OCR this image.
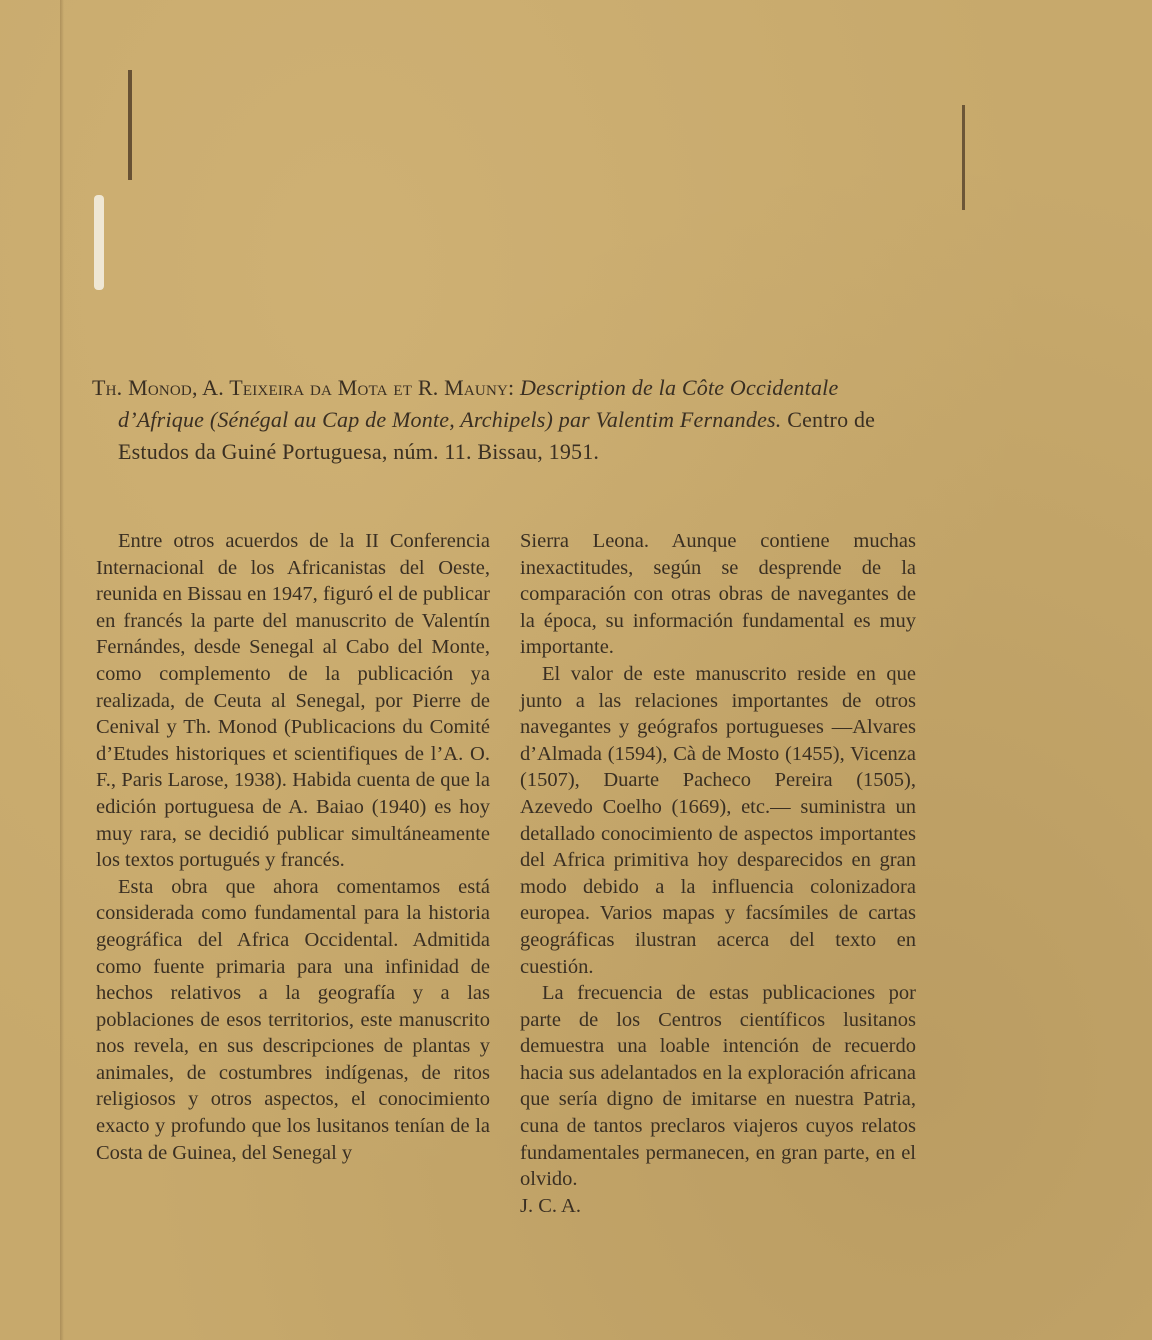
Th. Monod, A. Teixeira da Mota et R. Mauny: Description de la Côte Occidentale d’Afrique (Sénégal au Cap de Monte, Archipels) par Valentim Fernandes. Centro de Estudos da Guiné Portuguesa, núm. 11. Bissau, 1951.

Entre otros acuerdos de la II Conferencia Internacional de los Africanistas del Oeste, reunida en Bissau en 1947, figuró el de publicar en francés la parte del manuscrito de Valentín Fernándes, desde Senegal al Cabo del Monte, como complemento de la publicación ya realizada, de Ceuta al Senegal, por Pierre de Cenival y Th. Monod (Publicacions du Comité d’Etudes historiques et scientifiques de l’A. O. F., Paris Larose, 1938). Habida cuenta de que la edición portuguesa de A. Baiao (1940) es hoy muy rara, se decidió publicar simultáneamente los textos portugués y francés.

Esta obra que ahora comentamos está considerada como fundamental para la historia geográfica del Africa Occidental. Admitida como fuente primaria para una infinidad de hechos relativos a la geografía y a las poblaciones de esos territorios, este manuscrito nos revela, en sus descripciones de plantas y animales, de costumbres indígenas, de ritos religiosos y otros aspectos, el conocimiento exacto y profundo que los lusitanos tenían de la Costa de Guinea, del Senegal y

Sierra Leona. Aunque contiene muchas inexactitudes, según se desprende de la comparación con otras obras de navegantes de la época, su información fundamental es muy importante.

El valor de este manuscrito reside en que junto a las relaciones importantes de otros navegantes y geógrafos portugueses —Alvares d’Almada (1594), Cà de Mosto (1455), Vicenza (1507), Duarte Pacheco Pereira (1505), Azevedo Coelho (1669), etc.— suministra un detallado conocimiento de aspectos importantes del Africa primitiva hoy desparecidos en gran modo debido a la influencia colonizadora europea. Varios mapas y facsímiles de cartas geográficas ilustran acerca del texto en cuestión.

La frecuencia de estas publicaciones por parte de los Centros científicos lusitanos demuestra una loable intención de recuerdo hacia sus adelantados en la exploración africana que sería digno de imitarse en nuestra Patria, cuna de tantos preclaros viajeros cuyos relatos fundamentales permanecen, en gran parte, en el olvido.

J. C. A.
